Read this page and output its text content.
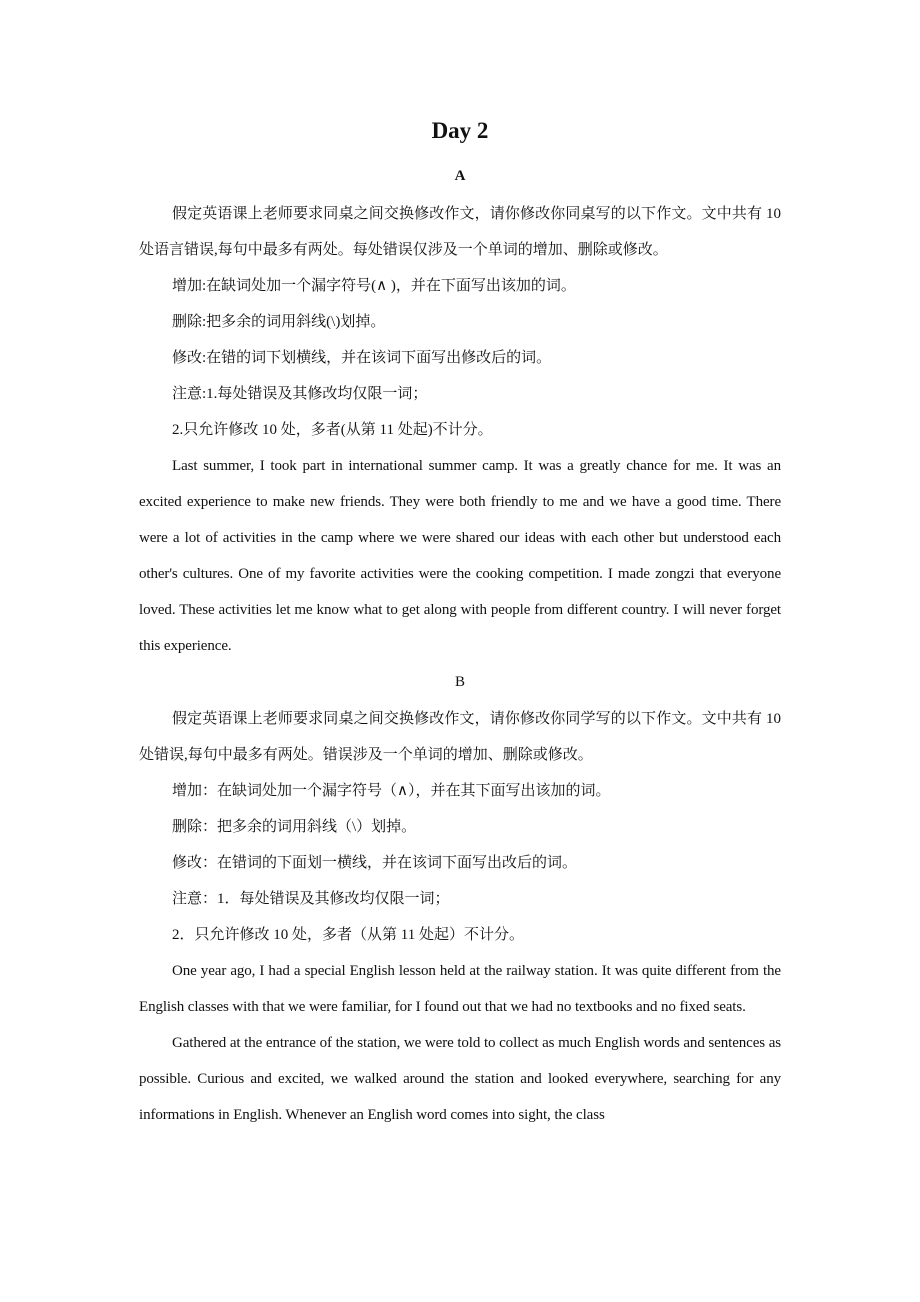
Day 2
A

假定英语课上老师要求同桌之间交换修改作文，请你修改你同桌写的以下作文。文中共有 10 处语言错误,每句中最多有两处。每处错误仅涉及一个单词的增加、删除或修改。

增加:在缺词处加一个漏字符号(∧ )，并在下面写出该加的词。

删除:把多余的词用斜线(\)划掉。

修改:在错的词下划横线，并在该词下面写出修改后的词。

注意:1.每处错误及其修改均仅限一词；

2.只允许修改 10 处，多者(从第 11 处起)不计分。

Last summer, I took part in international summer camp. It was a greatly chance for me. It was an excited experience to make new friends. They were both friendly to me and we have a good time. There were a lot of activities in the camp where we were shared our ideas with each other but understood each other's cultures. One of my favorite activities were the cooking competition. I made zongzi that everyone loved. These activities let me know what to get along with people from different country. I will never forget this experience.

B

假定英语课上老师要求同桌之间交换修改作文，请你修改你同学写的以下作文。文中共有 10 处错误,每句中最多有两处。错误涉及一个单词的增加、删除或修改。

增加：在缺词处加一个漏字符号（∧），并在其下面写出该加的词。

删除：把多余的词用斜线（\）划掉。

修改：在错词的下面划一横线，并在该词下面写出改后的词。

注意：1．每处错误及其修改均仅限一词；

2．只允许修改 10 处，多者（从第 11 处起）不计分。

One year ago, I had a special English lesson held at the railway station. It was quite different from the English classes with that we were familiar, for I found out that we had no textbooks and no fixed seats.

Gathered at the entrance of the station, we were told to collect as much English words and sentences as possible. Curious and excited, we walked around the station and looked everywhere, searching for any informations in English. Whenever an English word comes into sight, the class
